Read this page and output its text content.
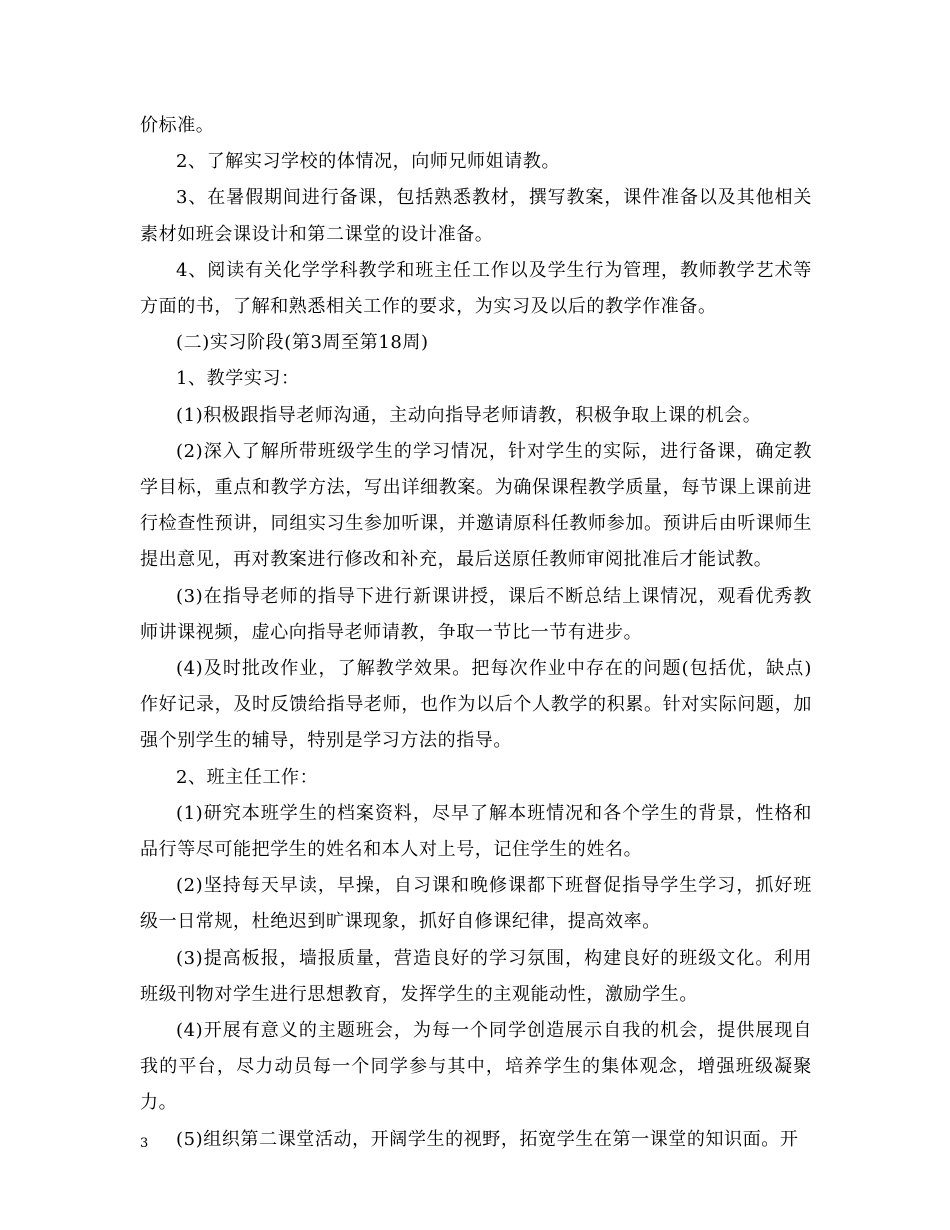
价标准。

2、了解实习学校的体情况，向师兄师姐请教。

3、在暑假期间进行备课，包括熟悉教材，撰写教案，课件准备以及其他相关素材如班会课设计和第二课堂的设计准备。

4、阅读有关化学学科教学和班主任工作以及学生行为管理，教师教学艺术等方面的书，了解和熟悉相关工作的要求，为实习及以后的教学作准备。

(二)实习阶段(第3周至第18周)

1、教学实习：

(1)积极跟指导老师沟通，主动向指导老师请教，积极争取上课的机会。

(2)深入了解所带班级学生的学习情况，针对学生的实际，进行备课，确定教学目标，重点和教学方法，写出详细教案。为确保课程教学质量，每节课上课前进行检查性预讲，同组实习生参加听课，并邀请原科任教师参加。预讲后由听课师生提出意见，再对教案进行修改和补充，最后送原任教师审阅批准后才能试教。

(3)在指导老师的指导下进行新课讲授，课后不断总结上课情况，观看优秀教师讲课视频，虚心向指导老师请教，争取一节比一节有进步。

(4)及时批改作业，了解教学效果。把每次作业中存在的问题(包括优，缺点)作好记录，及时反馈给指导老师，也作为以后个人教学的积累。针对实际问题，加强个别学生的辅导，特别是学习方法的指导。

2、班主任工作：

(1)研究本班学生的档案资料，尽早了解本班情况和各个学生的背景，性格和品行等尽可能把学生的姓名和本人对上号，记住学生的姓名。

(2)坚持每天早读，早操，自习课和晚修课都下班督促指导学生学习，抓好班级一日常规，杜绝迟到旷课现象，抓好自修课纪律，提高效率。

(3)提高板报，墙报质量，营造良好的学习氛围，构建良好的班级文化。利用班级刊物对学生进行思想教育，发挥学生的主观能动性，激励学生。

(4)开展有意义的主题班会，为每一个同学创造展示自我的机会，提供展现自我的平台，尽力动员每一个同学参与其中，培养学生的集体观念，增强班级凝聚力。

(5)组织第二课堂活动，开阔学生的视野，拓宽学生在第一课堂的知识面。开

3
